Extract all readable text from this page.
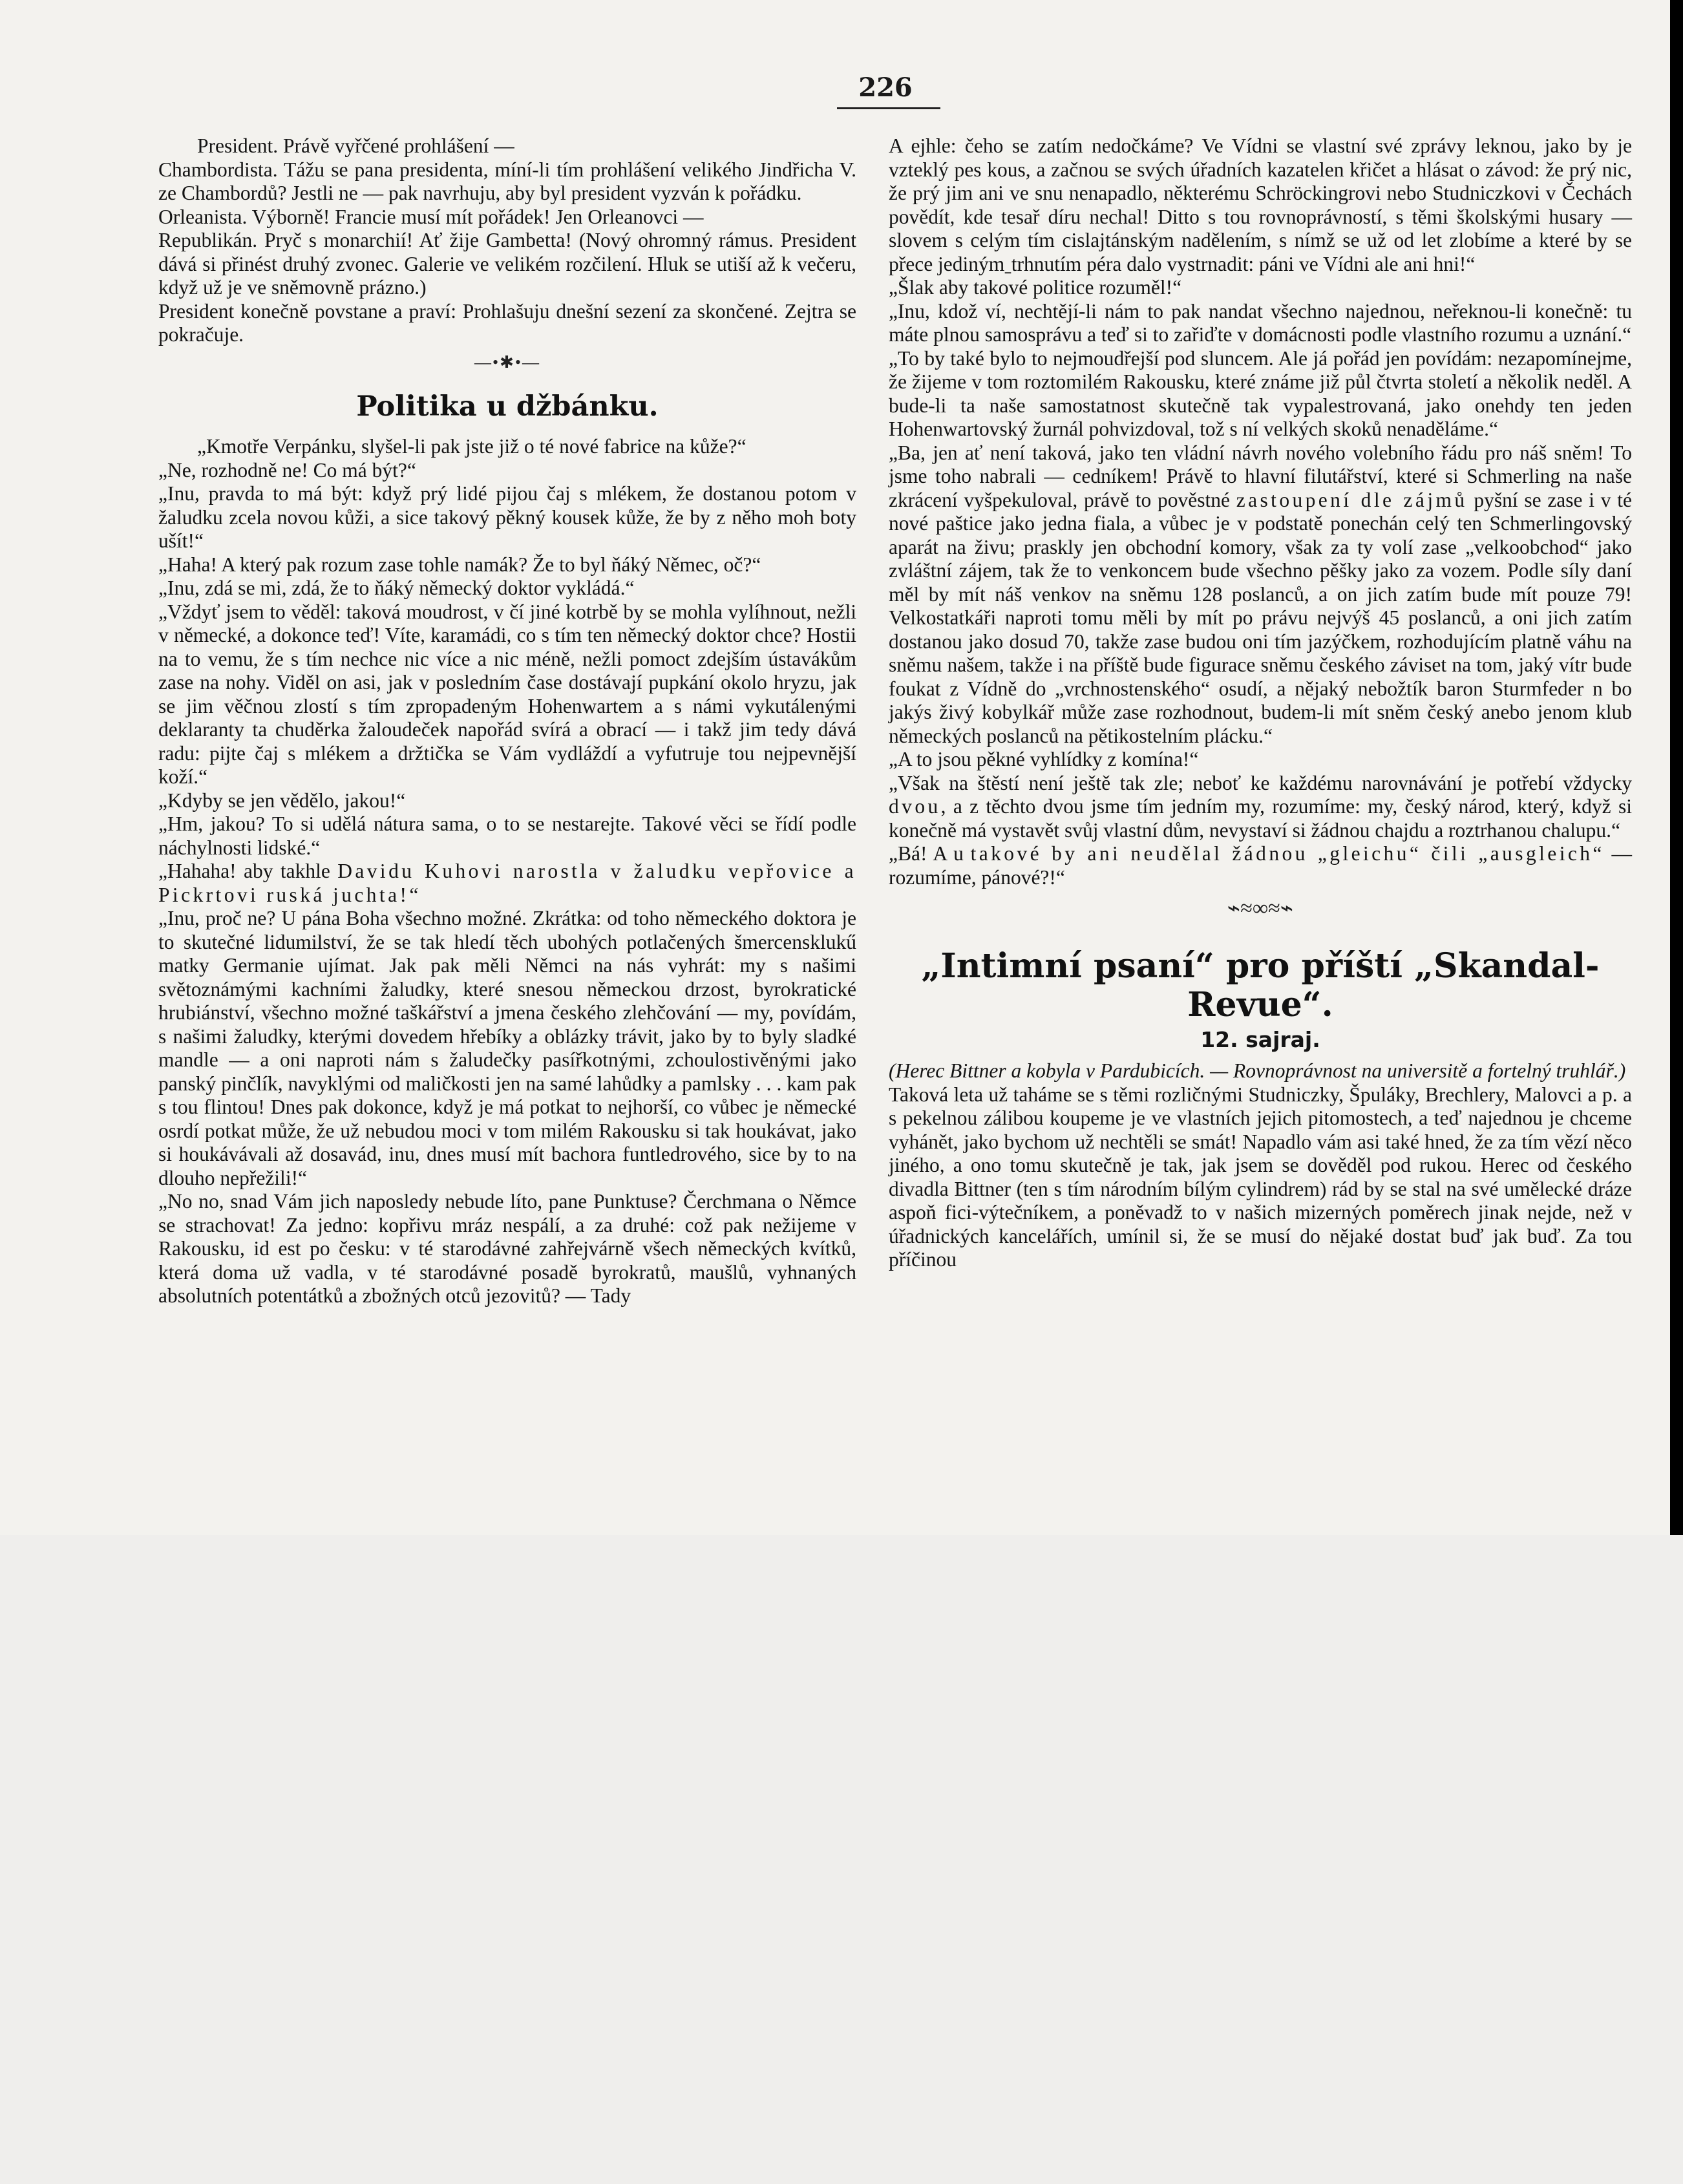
226

President. Právě vyřčené prohlášení —

Chambordista. Tážu se pana presidenta, míní-li tím prohlášení velikého Jindřicha V. ze Chambordů? Jestli ne — pak navrhuju, aby byl president vyzván k pořádku.

Orleanista. Výborně! Francie musí mít pořádek! Jen Orleanovci —

Republikán. Pryč s monarchií! Ať žije Gambetta! (Nový ohromný rámus. President dává si přinést druhý zvonec. Galerie ve velikém rozčilení. Hluk se utiší až k večeru, když už je ve sněmovně prázno.)

President konečně povstane a praví: Prohlašuju dnešní sezení za skončené. Zejtra se pokračuje.

—•✱•—
Politika u džbánku.

„Kmotře Verpánku, slyšel-li pak jste již o té nové fabrice na kůže?“

„Ne, rozhodně ne! Co má být?“

„Inu, pravda to má být: když prý lidé pijou čaj s mlékem, že dostanou potom v žaludku zcela novou kůži, a sice takový pěkný kousek kůže, že by z něho moh boty ušít!“

„Haha! A který pak rozum zase tohle namák? Že to byl ňáký Němec, oč?“

„Inu, zdá se mi, zdá, že to ňáký německý doktor vykládá.“

„Vždyť jsem to věděl: taková moudrost, v čí jiné kotrbě by se mohla vylíhnout, nežli v německé, a dokonce teď! Víte, karamádi, co s tím ten německý doktor chce? Hostii na to vemu, že s tím nechce nic více a nic méně, nežli pomoct zdejším ústavákům zase na nohy. Viděl on asi, jak v posledním čase dostávají pupkání okolo hryzu, jak se jim věčnou zlostí s tím zpropadeným Hohenwartem a s námi vykutálenými deklaranty ta chuděrka žaloudeček napořád svírá a obrací — i takž jim tedy dává radu: pijte čaj s mlékem a držtička se Vám vydláždí a vyfutruje tou nejpevnější koží.“

„Kdyby se jen vědělo, jakou!“

„Hm, jakou? To si udělá nátura sama, o to se nestarejte. Takové věci se řídí podle náchylnosti lidské.“

„Hahaha! aby takhle Davidu Kuhovi narostla v žaludku vepřovice a Pickrtovi ruská juchta!“

„Inu, proč ne? U pána Boha všechno možné. Zkrátka: od toho německého doktora je to skutečné lidumilství, že se tak hledí těch ubohých potlačených šmercensklukű matky Germanie ujímat. Jak pak měli Němci na nás vyhrát: my s našimi světoznámými kachními žaludky, které snesou německou drzost, byrokratické hrubiánství, všechno možné taškářství a jmena českého zlehčování — my, povídám, s našimi žaludky, kterými dovedem hřebíky a oblázky trávit, jako by to byly sladké mandle — a oni naproti nám s žaludečky pasířkotnými, zchoulostivěnými jako panský pinčlík, navyklými od maličkosti jen na samé lahůdky a pamlsky . . . kam pak s tou flintou! Dnes pak dokonce, když je má potkat to nejhorší, co vůbec je německé osrdí potkat může, že už nebudou moci v tom milém Rakousku si tak houkávat, jako si houkávávali až dosavád, inu, dnes musí mít bachora funtledrového, sice by to na dlouho nepřežili!“

„No no, snad Vám jich naposledy nebude líto, pane Punktuse? Čerchmana o Němce se strachovat! Za jedno: kopřivu mráz nespálí, a za druhé: což pak nežijeme v Rakousku, id est po česku: v té starodávné zahřejvárně všech německých kvítků, která doma už vadla, v té starodávné posadě byrokratů, maušlů, vyhnaných absolutních potentátků a zbožných otců jezovitů? — Tady

A ejhle: čeho se zatím nedočkáme? Ve Vídni se vlastní své zprávy leknou, jako by je vzteklý pes kous, a začnou se svých úřadních kazatelen křičet a hlásat o závod: že prý nic, že prý jim ani ve snu nenapadlo, některému Schröckingrovi nebo Studniczkovi v Čechách povědít, kde tesař díru nechal! Ditto s tou rovnoprávností, s těmi školskými husary — slovem s celým tím cislajtánským nadělením, s nímž se už od let zlobíme a které by se přece jedinýmˍtrhnutím péra dalo vystrnadit: páni ve Vídni ale ani hni!“

„Šlak aby takové politice rozuměl!“

„Inu, kdož ví, nechtějí-li nám to pak nandat všechno najednou, neřeknou-li konečně: tu máte plnou samosprávu a teď si to zařiďte v domácnosti podle vlastního rozumu a uznání.“

„To by také bylo to nejmoudřejší pod sluncem. Ale já pořád jen povídám: nezapomínejme, že žijeme v tom roztomilém Rakousku, které známe již půl čtvrta století a několik neděl. A bude-li ta naše samostatnost skutečně tak vypalestrovaná, jako onehdy ten jeden Hohenwartovský žurnál pohvizdoval, tož s ní velkých skoků nenaděláme.“

„Ba, jen ať není taková, jako ten vládní návrh nového volebního řádu pro náš sněm! To jsme toho nabrali — cedníkem! Právě to hlavní filutářství, které si Schmerling na naše zkrácení vyšpekuloval, právě to pověstné zastoupení dle zájmů pyšní se zase i v té nové paštice jako jedna fiala, a vůbec je v podstatě ponechán celý ten Schmerlingovský aparát na živu; praskly jen obchodní komory, však za ty volí zase „velkoobchod“ jako zvláštní zájem, tak že to venkoncem bude všechno pěšky jako za vozem. Podle síly daní měl by mít náš venkov na sněmu 128 poslanců, a on jich zatím bude mít pouze 79! Velkostatkáři naproti tomu měli by mít po právu nejvýš 45 poslanců, a oni jich zatím dostanou jako dosud 70, takže zase budou oni tím jazýčkem, rozhodujícím platně váhu na sněmu našem, takže i na příště bude figurace sněmu českého záviset na tom, jaký vítr bude foukat z Vídně do „vrchnostenského“ osudí, a nějaký nebožtík baron Sturmfeder n bo jakýs živý kobylkář může zase rozhodnout, budem-li mít sněm český anebo jenom klub německých poslanců na pětikostelním plácku.“

„A to jsou pěkné vyhlídky z komína!“

„Však na štěstí není ještě tak zle; neboť ke každému narovnávání je potřebí vždycky dvou, a z těchto dvou jsme tím jedním my, rozumíme: my, český národ, který, když si konečně má vystavět svůj vlastní dům, nevystaví si žádnou chajdu a roztrhanou chalupu.“

„Bá! A u takové by ani neudělal žádnou „gleichu“ čili „ausgleich“ — rozumíme, pánové?!“

⌁≈∞≈⌁
„Intimní psaní“ pro příští „Skandal-Revue“.
12. sajraj.

(Herec Bittner a kobyla v Pardubicích. — Rovnoprávnost na universitě a fortelný truhlář.)

Taková leta už taháme se s těmi rozličnými Studniczky, Špuláky, Brechlery, Malovci a p. a s pekelnou zálibou koupeme je ve vlastních jejich pitomostech, a teď najednou je chceme vyhánět, jako bychom už nechtěli se smát! Napadlo vám asi také hned, že za tím vězí něco jiného, a ono tomu skutečně je tak, jak jsem se dověděl pod rukou. Herec od českého divadla Bittner (ten s tím národním bílým cylindrem) rád by se stal na své umělecké dráze aspoň fici-výtečníkem, a poněvadž to v našich mizerných poměrech jinak nejde, než v úřadnických kancelářích, umínil si, že se musí do nějaké dostat buď jak buď. Za tou příčinou
